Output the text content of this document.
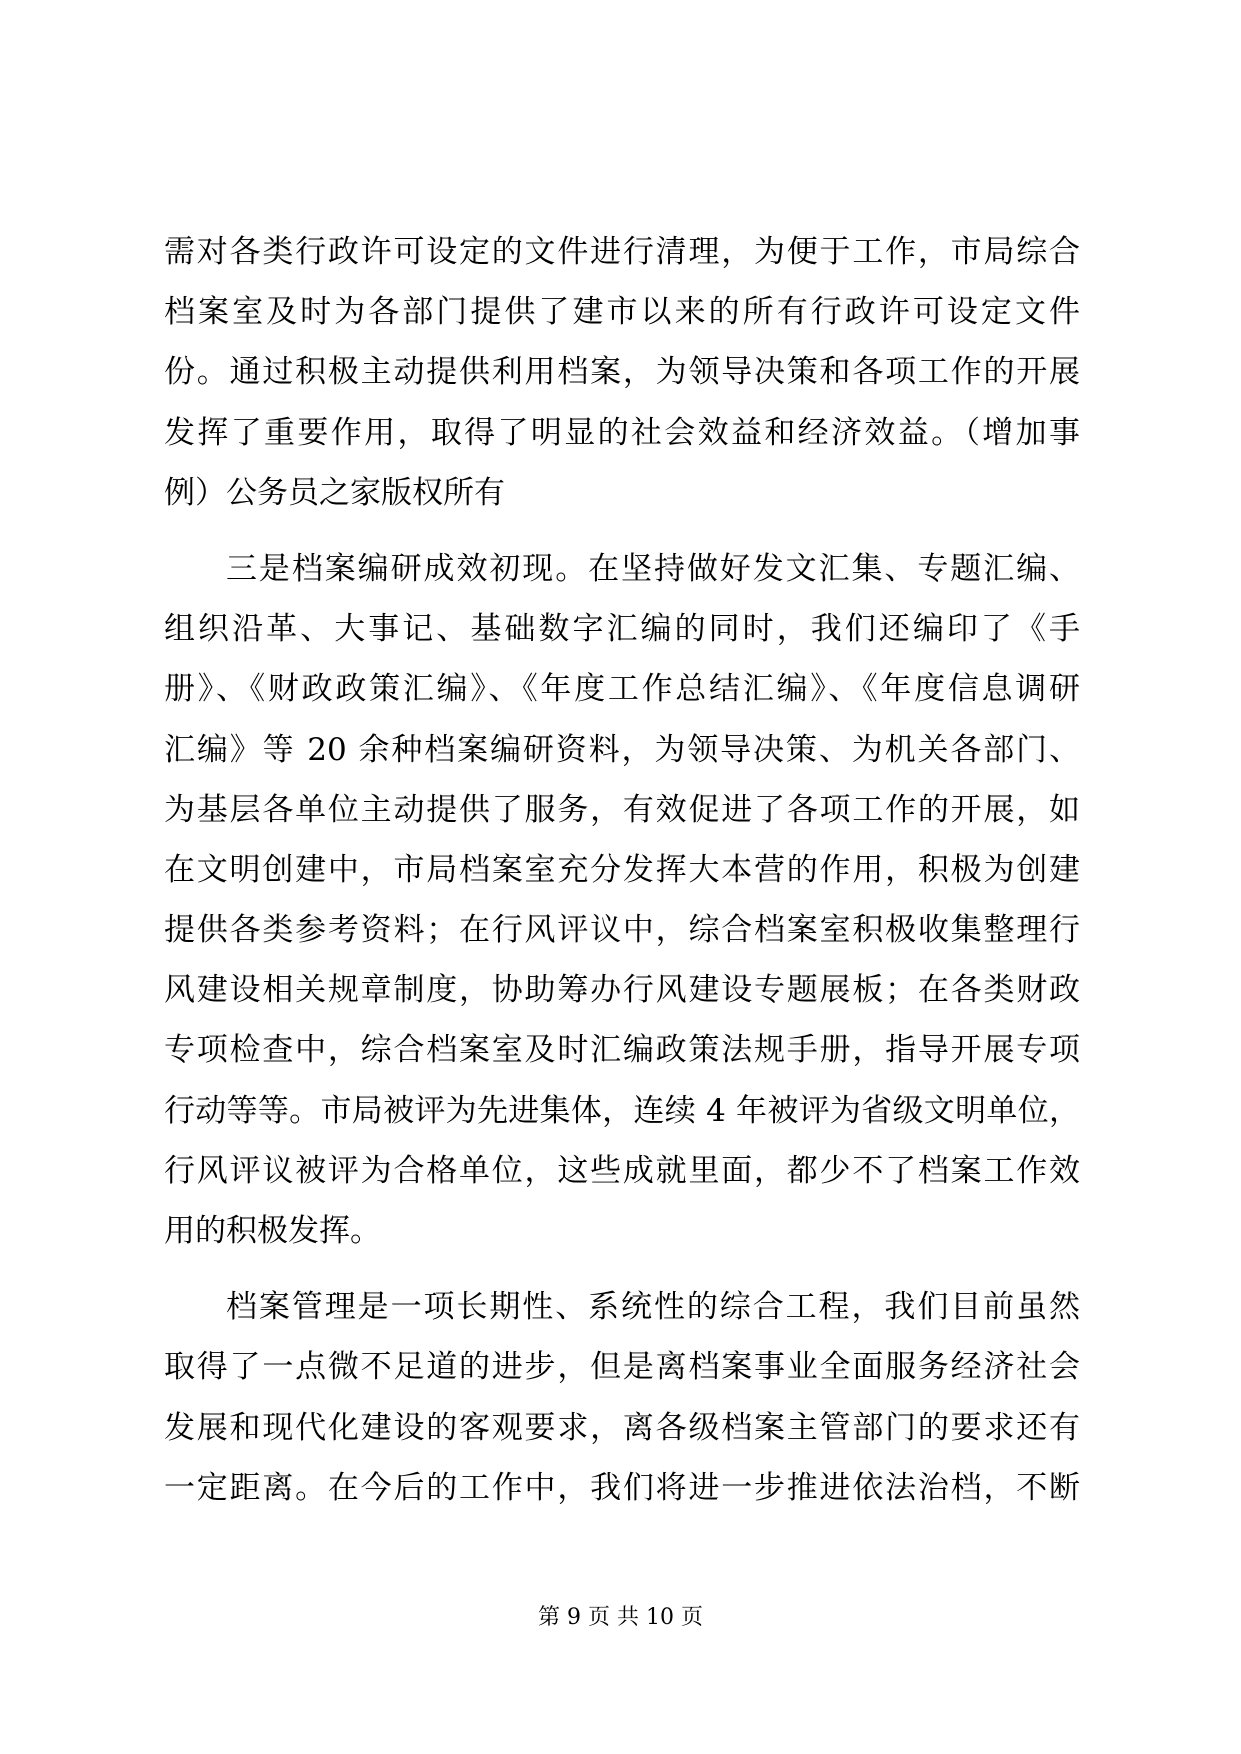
需对各类行政许可设定的文件进行清理，为便于工作，市局综合
档案室及时为各部门提供了建市以来的所有行政许可设定文件
份。通过积极主动提供利用档案，为领导决策和各项工作的开展
发挥了重要作用，取得了明显的社会效益和经济效益。（增加事
例）公务员之家版权所有
三是档案编研成效初现。在坚持做好发文汇集、专题汇编、
组织沿革、大事记、基础数字汇编的同时，我们还编印了《手
册》、《财政政策汇编》、《年度工作总结汇编》、《年度信息调研
汇编》等 20 余种档案编研资料，为领导决策、为机关各部门、
为基层各单位主动提供了服务，有效促进了各项工作的开展，如
在文明创建中，市局档案室充分发挥大本营的作用，积极为创建
提供各类参考资料；在行风评议中，综合档案室积极收集整理行
风建设相关规章制度，协助筹办行风建设专题展板；在各类财政
专项检查中，综合档案室及时汇编政策法规手册，指导开展专项
行动等等。市局被评为先进集体，连续 4 年被评为省级文明单位，
行风评议被评为合格单位，这些成就里面，都少不了档案工作效
用的积极发挥。
档案管理是一项长期性、系统性的综合工程，我们目前虽然
取得了一点微不足道的进步，但是离档案事业全面服务经济社会
发展和现代化建设的客观要求，离各级档案主管部门的要求还有
一定距离。在今后的工作中，我们将进一步推进依法治档，不断
第 9 页 共 10 页
